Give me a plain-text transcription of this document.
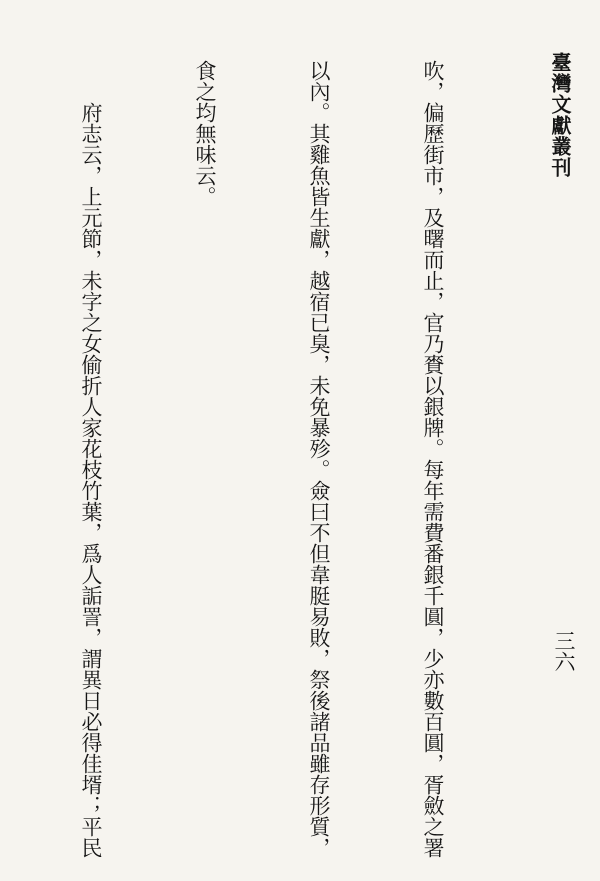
臺灣文獻叢刊
三六

吹，偏歷街市，及曙而止，官乃賚以銀牌。每年需費番銀千圓，少亦數百圓，胥斂之署

以內。其雞魚皆生獻，越宿已臭，未免暴殄。僉曰不但韋脡易敗，祭後諸品雖存形質，

食之均無味云。

府志云，上元節，未字之女偷折人家花枝竹葉，爲人詬詈，謂異日必得佳壻；平民
